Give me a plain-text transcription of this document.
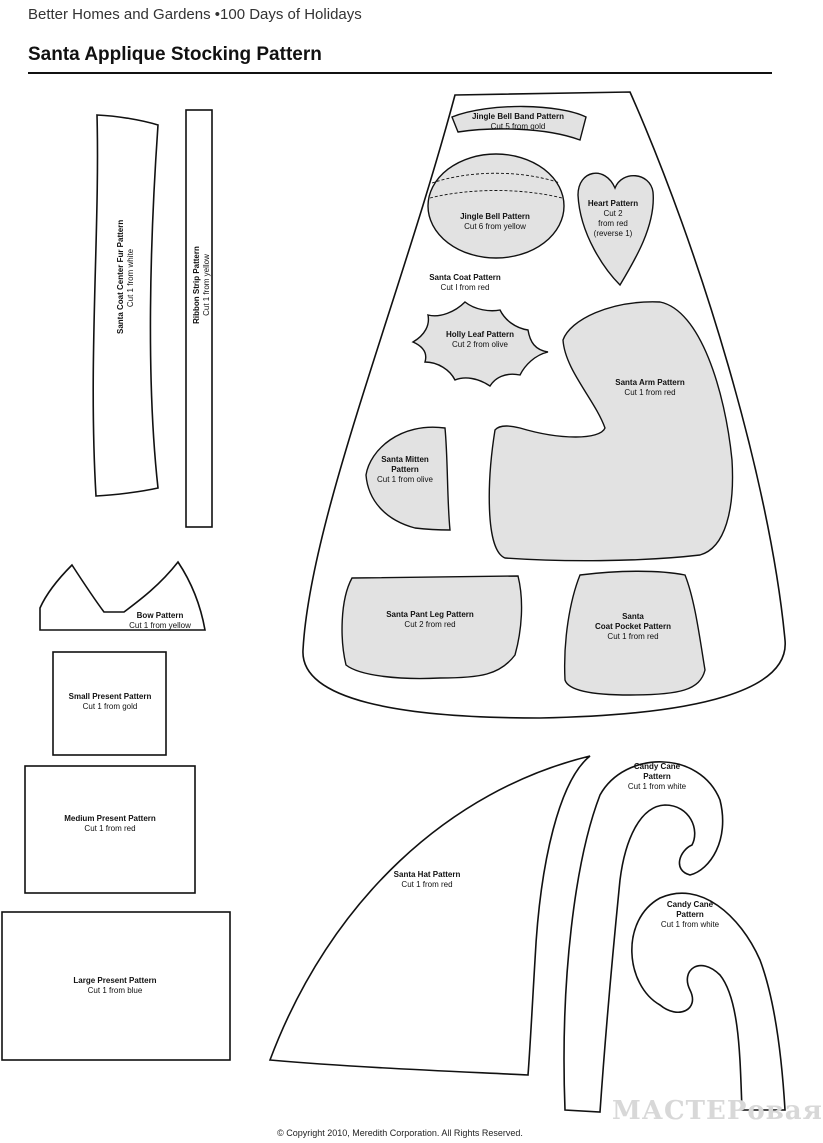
Better Homes and Gardens •100 Days of Holidays
Santa Applique Stocking Pattern
Santa Coat Center Fur Pattern Cut 1 from white	Ribbon Strip Pattern Cut 1 from yellow
Jingle Bell Band Pattern
Cut 5 from gold
Jingle Bell Pattern
Cut 6 from yellow
Heart Pattern
Cut 2
from red
(reverse 1)
Santa Coat Pattern
Cut I from red
Holly Leaf Pattern
Cut 2 from olive
Santa Arm Pattern
Cut 1 from red
Santa Mitten
Pattern
Cut 1 from olive
Santa Pant Leg Pattern
Cut 2 from red
Santa
Coat Pocket Pattern
Cut 1 from red
Bow Pattern
Cut 1 from yellow
Small Present Pattern
Cut 1 from gold
Medium Present Pattern
Cut 1 from red
Large Present Pattern
Cut 1 from blue
Santa Hat Pattern
Cut 1 from red
Candy Cane
Pattern
Cut 1 from white
Candy Cane
Pattern
Cut 1 from white
МАСТЕРовая
© Copyright 2010, Meredith Corporation. All Rights Reserved.
